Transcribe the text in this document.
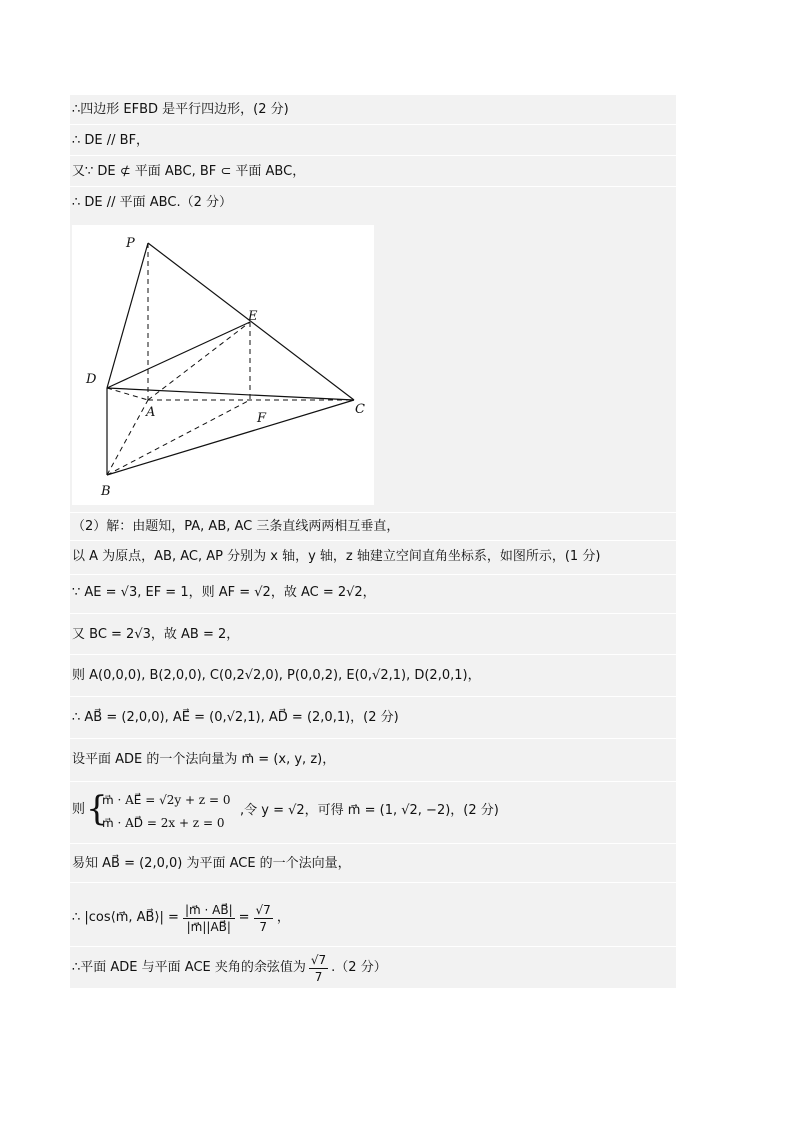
∴四边形 EFBD 是平行四边形，(2 分)
∴ DE // BF，
又∵ DE ⊄ 平面 ABC, BF ⊂ 平面 ABC，
∴ DE // 平面 ABC.（2 分）
P
E
D
A	F
C
B
（2）解：由题知，PA, AB, AC 三条直线两两相互垂直，
以 A 为原点，AB, AC, AP 分别为 x 轴，y 轴，z 轴建立空间直角坐标系，如图所示，(1 分)
∵ AE = √3, EF = 1，则 AF = √2，故 AC = 2√2，
又 BC = 2√3，故 AB = 2，
则 A(0,0,0), B(2,0,0), C(0,2√2,0), P(0,0,2), E(0,√2,1), D(2,0,1)，
∴ AB⃗ = (2,0,0), AE⃗ = (0,√2,1), AD⃗ = (2,0,1)，(2 分)
设平面 ADE 的一个法向量为 m⃗ = (x, y, z)，
则 {
m⃗ · AE⃗ = √2y + z = 0
m⃗ · AD⃗ = 2x + z = 0
,令 y = √2，可得 m⃗ = (1, √2, −2)，(2 分)
易知 AB⃗ = (2,0,0) 为平面 ACE 的一个法向量，
∴ |cos⟨m⃗, AB⃗⟩| = $\frac{|m⃗ \cdot AB⃗|}{|m⃗||AB⃗|} = \frac{√7}{7}$ ，
∴平面 ADE 与平面 ACE 夹角的余弦值为 $\frac{√7}{7} .(2$ 分）
